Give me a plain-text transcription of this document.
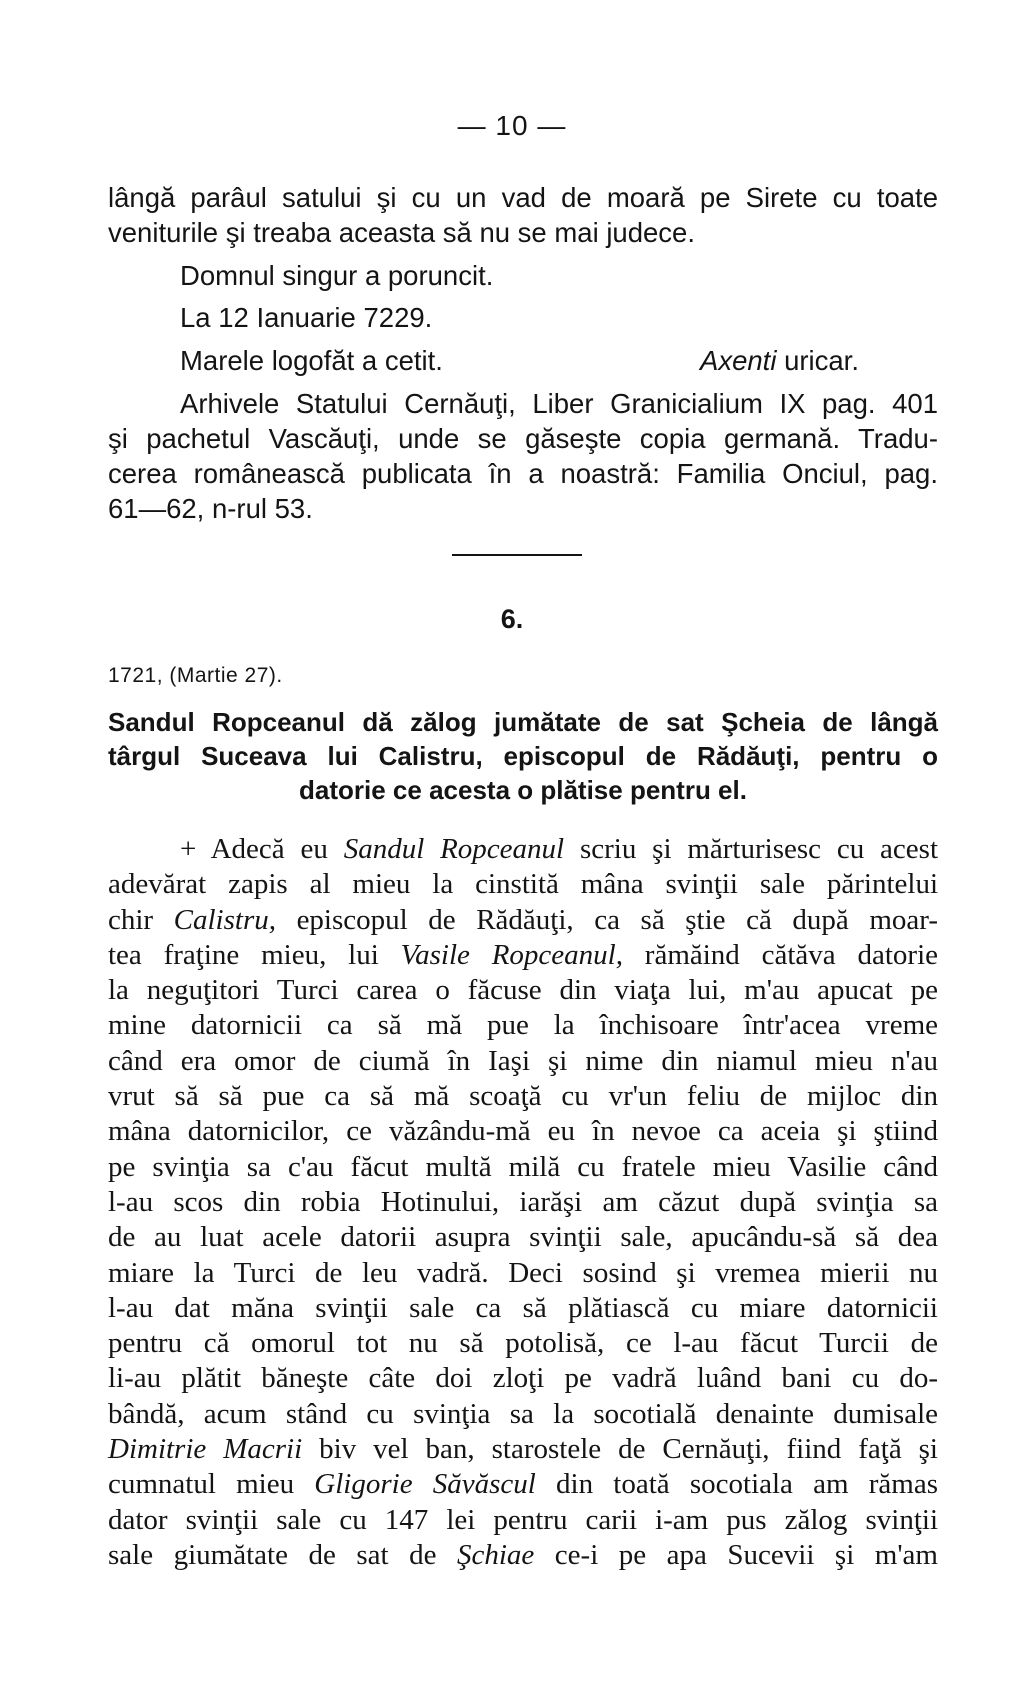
— 10 —

lângă parâul satului şi cu un vad de moară pe Sirete cu toate

veniturile şi treaba aceasta să nu se mai judece.

Domnul singur a poruncit.
La 12 Ianuarie 7229.
Marele logofăt a cetit.	Axenti uricar.

Arhivele Statului Cernăuţi, Liber Granicialium IX pag. 401

şi pachetul Vascăuţi, unde se găseşte copia germană. Tradu-

cerea românească publicata în a noastră: Familia Onciul, pag.

61—62, n-rul 53.

6.
1721, (Martie 27).

Sandul Ropceanul dă zălog jumătate de sat Şcheia de lângă

târgul Suceava lui Calistru, episcopul de Rădăuţi, pentru o

datorie ce acesta o plătise pentru el.

+ Adecă eu Sandul Ropceanul scriu şi mărturisesc cu acest

adevărat zapis al mieu la cinstită mâna svinţii sale părintelui

chir Calistru, episcopul de Rădăuţi, ca să ştie că după moar-

tea fraţine mieu, lui Vasile Ropceanul, rămăind cătăva datorie

la neguţitori Turci carea o făcuse din viaţa lui, m'au apucat pe

mine datornicii ca să mă pue la închisoare într'acea vreme

când era omor de ciumă în Iaşi şi nime din niamul mieu n'au

vrut să să pue ca să mă scoaţă cu vr'un feliu de mijloc din

mâna datornicilor, ce văzându-mă eu în nevoe ca aceia şi ştiind

pe svinţia sa c'au făcut multă milă cu fratele mieu Vasilie când

l-au scos din robia Hotinului, iarăşi am căzut după svinţia sa

de au luat acele datorii asupra svinţii sale, apucându-să să dea

miare la Turci de leu vadră. Deci sosind şi vremea mierii nu

l-au dat măna svinţii sale ca să plătiască cu miare datornicii

pentru că omorul tot nu să potolisă, ce l-au făcut Turcii de

li-au plătit băneşte câte doi zloţi pe vadră luând bani cu do-

bândă, acum stând cu svinţia sa la socotială denainte dumisale

Dimitrie Macrii biv vel ban, starostele de Cernăuţi, fiind faţă şi

cumnatul mieu Gligorie Săvăscul din toată socotiala am rămas

dator svinţii sale cu 147 lei pentru carii i-am pus zălog svinţii

sale giumătate de sat de Şchiae ce-i pe apa Sucevii şi m'am
